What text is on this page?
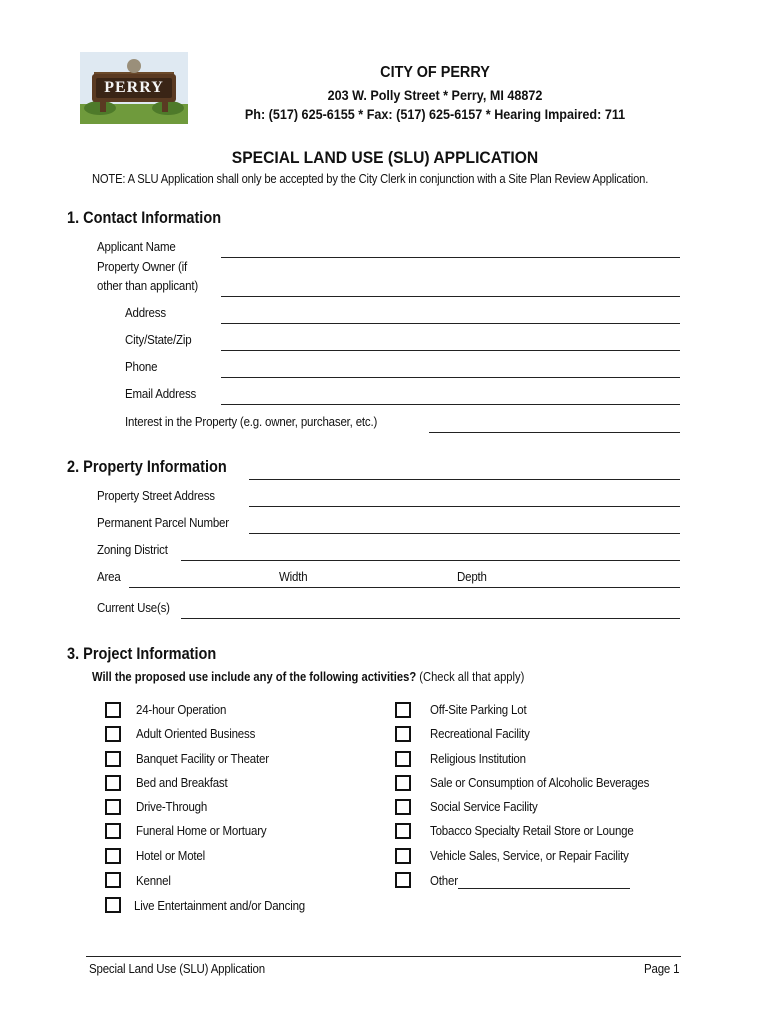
PERRY
CITY OF PERRY
203 W. Polly Street * Perry, MI 48872
Ph: (517) 625-6155 * Fax: (517) 625-6157 * Hearing Impaired: 711
SPECIAL LAND USE (SLU) APPLICATION
NOTE: A SLU Application shall only be accepted by the City Clerk in conjunction with a Site Plan Review Application.
1. Contact Information
Applicant Name
Property Owner (if
other than applicant)
Address
City/State/Zip
Phone
Email Address
Interest in the Property (e.g. owner, purchaser, etc.)
2. Property Information
Property Street Address
Permanent Parcel Number
Zoning District
Area	Width	Depth
Current Use(s)
3. Project Information
Will the proposed use include any of the following activities? (Check all that apply)
24-hour Operation
Adult Oriented Business
Banquet Facility or Theater
Bed and Breakfast
Drive-Through
Funeral Home or Mortuary
Hotel or Motel
Kennel
Live Entertainment and/or Dancing
Off-Site Parking Lot
Recreational Facility
Religious Institution
Sale or Consumption of Alcoholic Beverages
Social Service Facility
Tobacco Specialty Retail Store or Lounge
Vehicle Sales, Service, or Repair Facility
Other
Special Land Use (SLU) Application	Page 1
